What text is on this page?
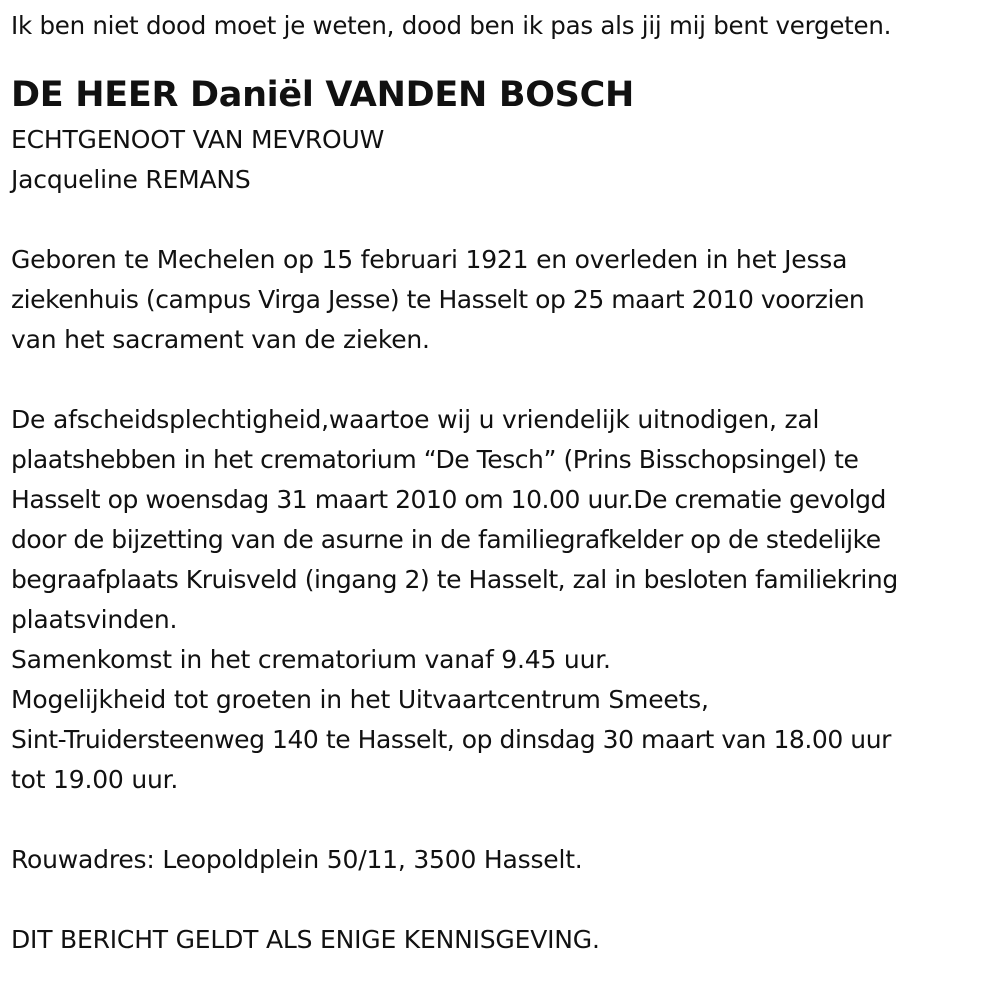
Ik ben niet dood moet je weten, dood ben ik pas als jij mij bent vergeten.
DE HEER Daniël VANDEN BOSCH
ECHTGENOOT VAN MEVROUW
Jacqueline REMANS
Geboren te Mechelen op 15 februari 1921 en overleden in het Jessa
ziekenhuis (campus Virga Jesse) te Hasselt op 25 maart 2010 voorzien
van het sacrament van de zieken.
De afscheidsplechtigheid,waartoe wij u vriendelijk uitnodigen, zal
plaatshebben in het crematorium “De Tesch” (Prins Bisschopsingel) te
Hasselt op woensdag 31 maart 2010 om 10.00 uur.De crematie gevolgd
door de bijzetting van de asurne in de familiegrafkelder op de stedelijke
begraafplaats Kruisveld (ingang 2) te Hasselt, zal in besloten familiekring
plaatsvinden.
Samenkomst in het crematorium vanaf 9.45 uur.
Mogelijkheid tot groeten in het Uitvaartcentrum Smeets,
Sint-Truidersteenweg 140 te Hasselt, op dinsdag 30 maart van 18.00 uur
tot 19.00 uur.
Rouwadres: Leopoldplein 50/11, 3500 Hasselt.
DIT BERICHT GELDT ALS ENIGE KENNISGEVING.
